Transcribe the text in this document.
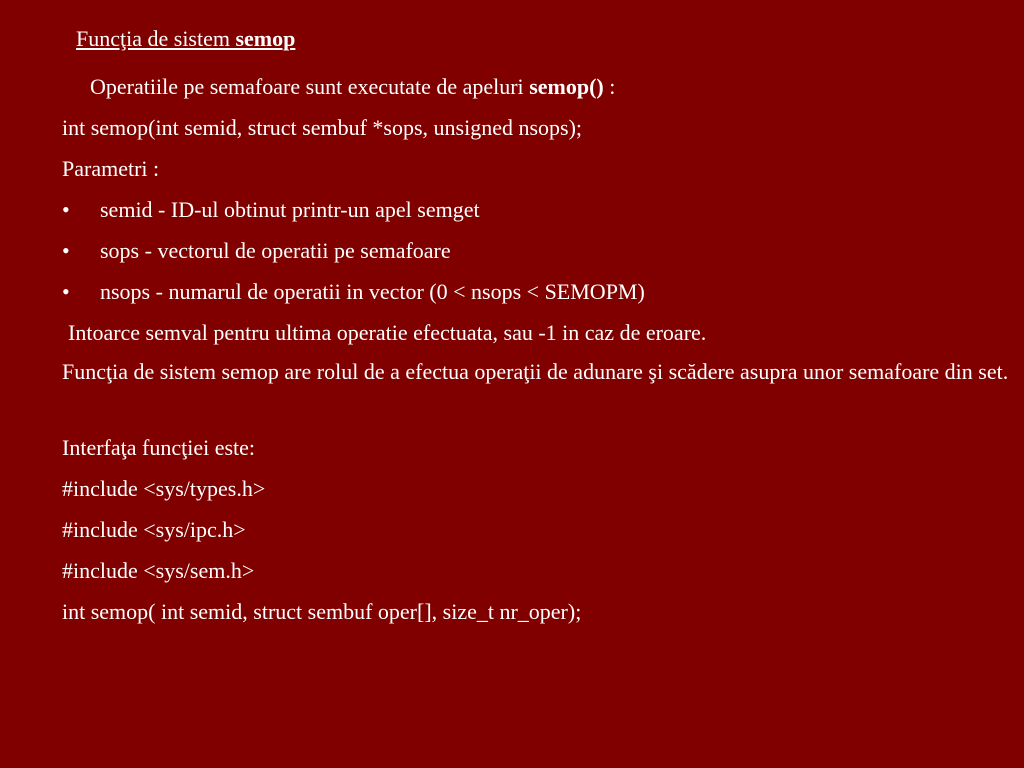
Funcţia de sistem semop
Operatiile pe semafoare sunt executate de apeluri semop() :
int semop(int semid, struct sembuf *sops, unsigned nsops);
Parametri :
• semid - ID-ul obtinut printr-un apel semget
• sops - vectorul de operatii pe semafoare
• nsops - numarul de operatii in vector (0 < nsops < SEMOPM)
Intoarce semval pentru ultima operatie efectuata, sau -1 in caz de eroare.
Funcţia de sistem semop are rolul de a efectua operaţii de adunare şi scădere asupra unor semafoare din set.
Interfaţa funcţiei este:
#include <sys/types.h>
#include <sys/ipc.h>
#include <sys/sem.h>
int semop( int semid, struct sembuf oper[], size_t nr_oper);
